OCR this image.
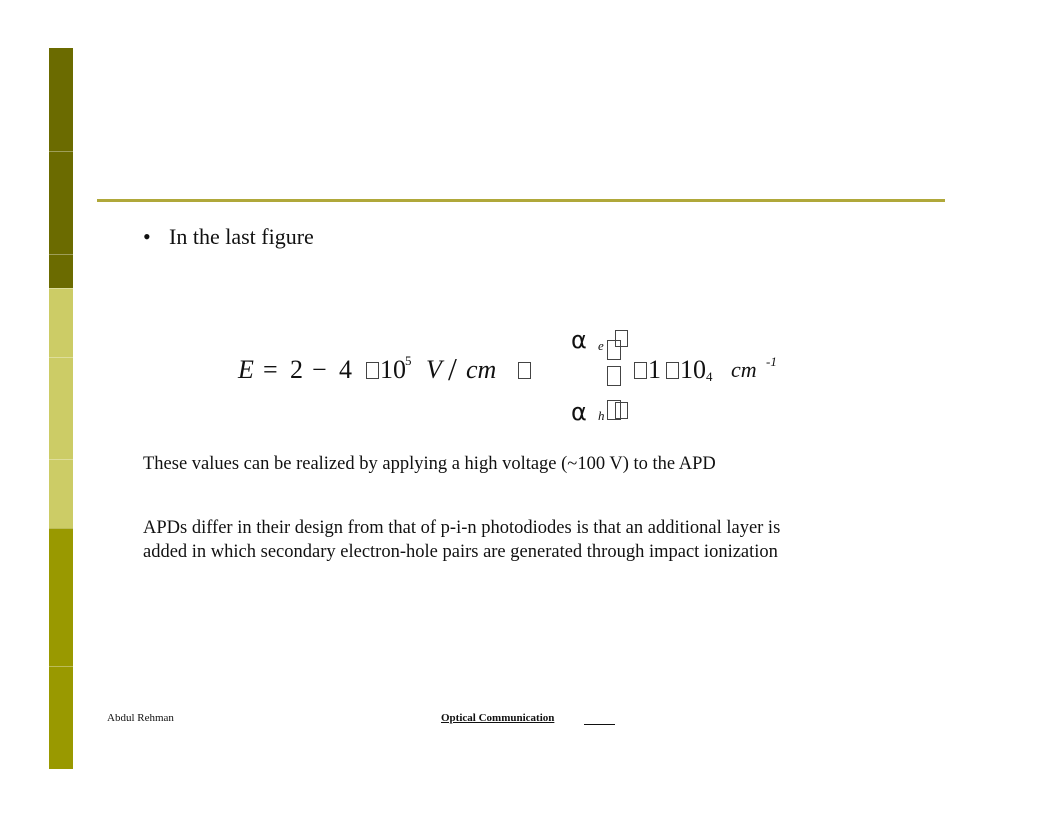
• In the last figure
E = 2 − 4 10 5 V / cm
α e
1 10 4 cm -1
α h
These values can be realized by applying a high voltage (~100 V) to the APD
APDs differ in their design from that of p-i-n photodiodes is that an additional layer is added in which secondary electron-hole pairs are generated through impact ionization
Abdul Rehman	Optical Communication
